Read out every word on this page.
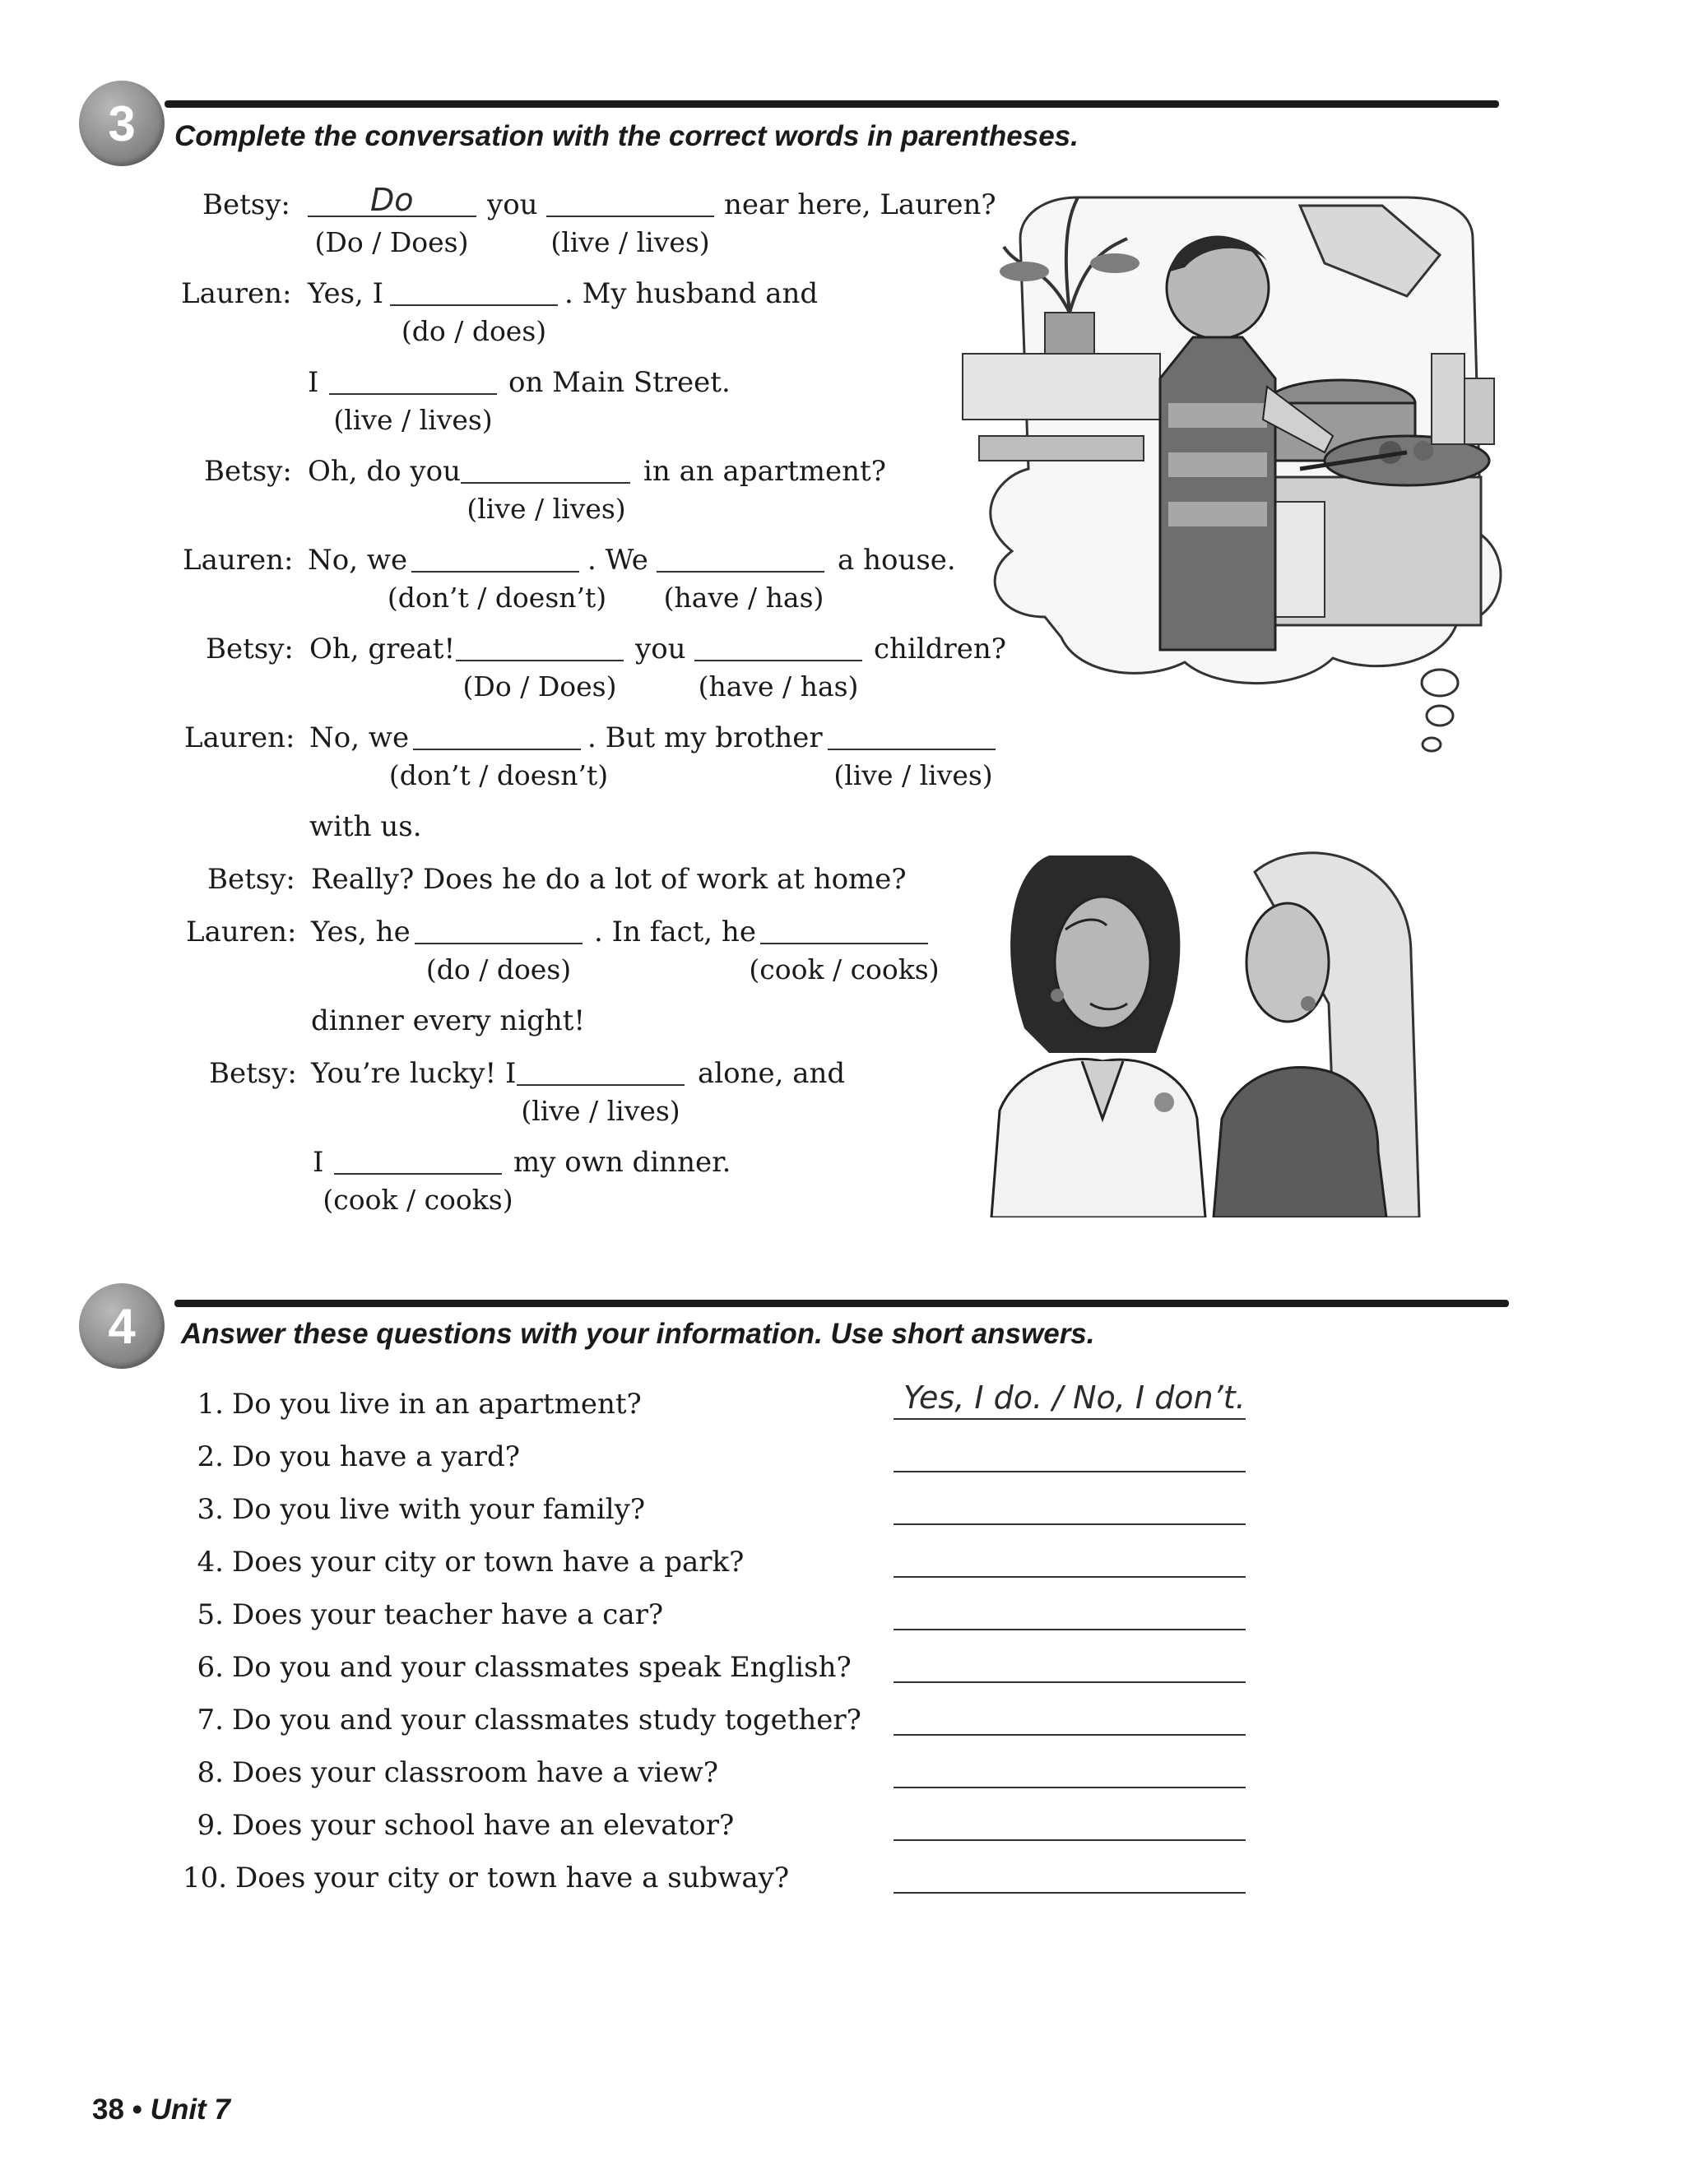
3	Complete the conversation with the correct words in parentheses.
Betsy:	Do	you	near here, Lauren?
(Do / Does)	(live / lives)
Lauren: Yes, I	. My husband and
(do / does)
I	on Main Street.
(live / lives)
Betsy: Oh, do you	in an apartment?
(live / lives)
Lauren: No, we	. We	a house.
(don’t / doesn’t) (have / has)
Betsy: Oh, great!	you	children?
(Do / Does)	(have / has)
Lauren: No, we	. But my brother
(don’t / doesn’t)	(live / lives)
with us.
Betsy: Really? Does he do a lot of work at home?
Lauren: Yes, he	. In fact, he
(do / does)	(cook / cooks)
dinner every night!
Betsy: You’re lucky! I	alone, and
(live / lives)
I	my own dinner.
(cook / cooks)
4	Answer these questions with your information. Use short answers.
Yes, I do. / No, I don’t.
1. Do you live in an apartment?
2. Do you have a yard?
3. Do you live with your family?
4. Does your city or town have a park?
5. Does your teacher have a car?
6. Do you and your classmates speak English?
7. Do you and your classmates study together?
8. Does your classroom have a view?
9. Does your school have an elevator?
10. Does your city or town have a subway?
38 • Unit 7
